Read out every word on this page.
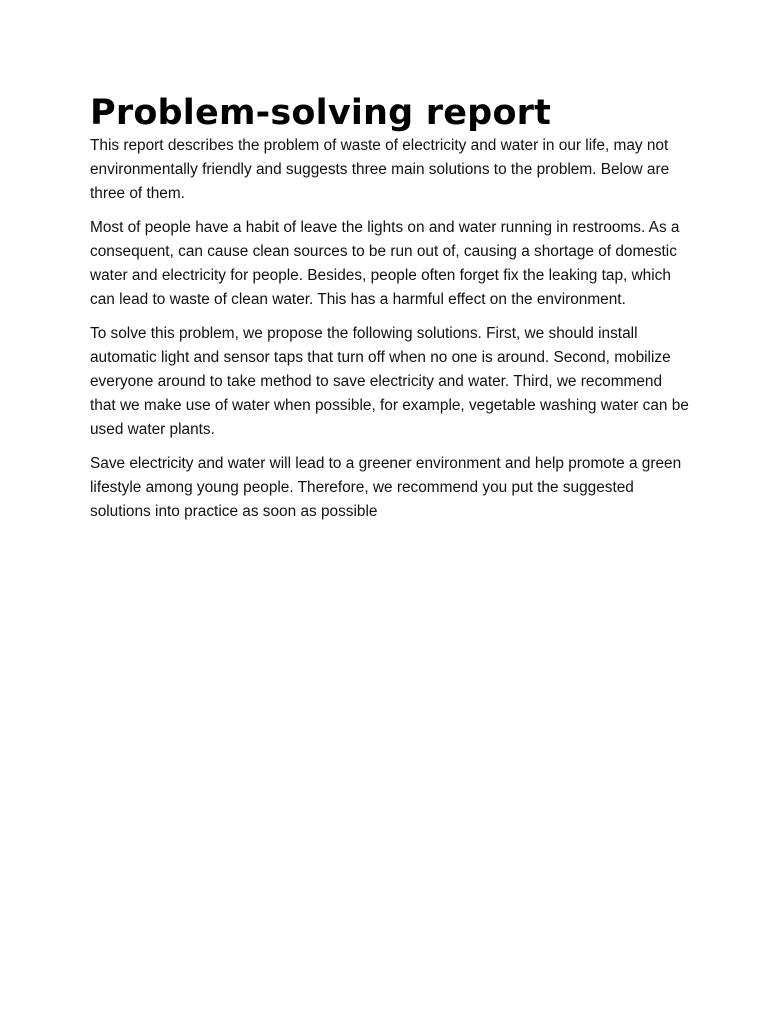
Problem-solving report

This report describes the problem of waste of electricity and water in our life, may not environmentally friendly and suggests three main solutions to the problem. Below are three of them.

Most of people have a habit of leave the lights on and water running in restrooms. As a consequent, can cause clean sources to be run out of, causing a shortage of domestic water and electricity for people. Besides, people often forget fix the leaking tap, which can lead to waste of clean water. This has a harmful effect on the environment.

To solve this problem, we propose the following solutions. First, we should install automatic light and sensor taps that turn off when no one is around. Second, mobilize everyone around to take method to save electricity and water. Third, we recommend that we make use of water when possible, for example, vegetable washing water can be used water plants.

Save electricity and water will lead to a greener environment and help promote a green lifestyle among young people. Therefore, we recommend you put the suggested solutions into practice as soon as possible
